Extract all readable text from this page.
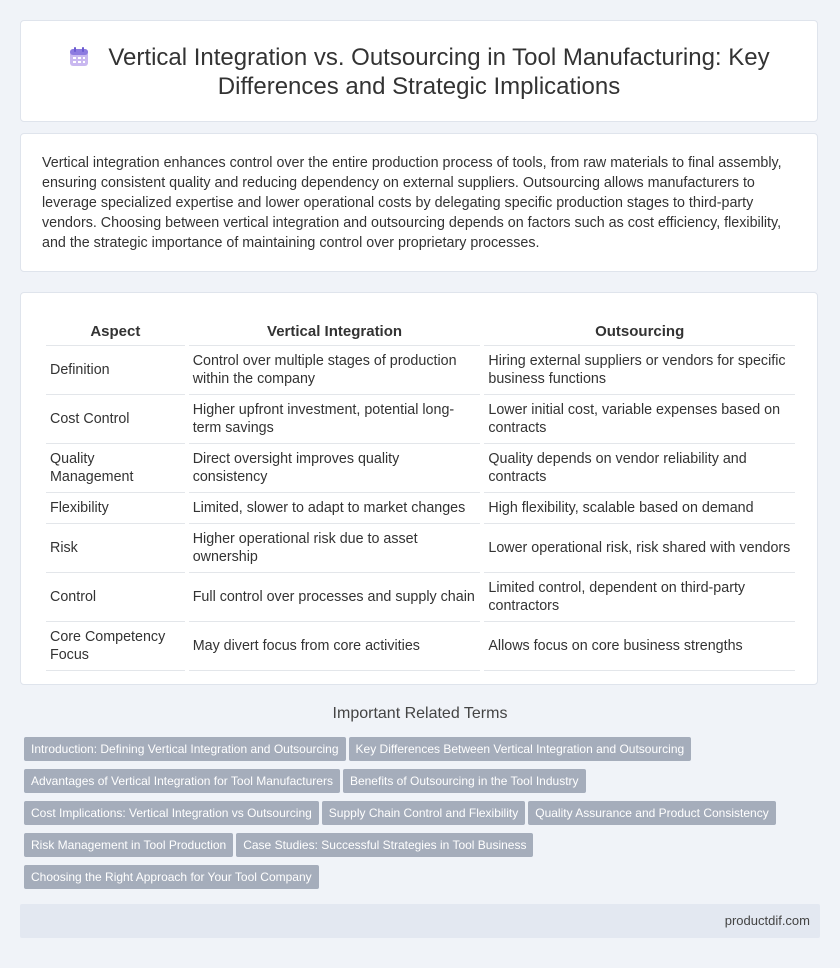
Vertical Integration vs. Outsourcing in Tool Manufacturing: Key
Differences and Strategic Implications

Vertical integration enhances control over the entire production process of tools, from raw materials to final assembly, ensuring consistent quality and reducing dependency on external suppliers. Outsourcing allows manufacturers to leverage specialized expertise and lower operational costs by delegating specific production stages to third-party vendors. Choosing between vertical integration and outsourcing depends on factors such as cost efficiency, flexibility, and the strategic importance of maintaining control over proprietary processes.

Aspect	Vertical Integration	Outsourcing
Definition	Control over multiple stages of production within the company	Hiring external suppliers or vendors for specific business functions
Cost Control	Higher upfront investment, potential long-term savings	Lower initial cost, variable expenses based on contracts
Quality Management	Direct oversight improves quality consistency	Quality depends on vendor reliability and contracts
Flexibility	Limited, slower to adapt to market changes	High flexibility, scalable based on demand
Risk	Higher operational risk due to asset ownership	Lower operational risk, risk shared with vendors
Control	Full control over processes and supply chain	Limited control, dependent on third-party contractors
Core Competency Focus	May divert focus from core activities	Allows focus on core business strengths
Important Related Terms
Introduction: Defining Vertical Integration and Outsourcing Key Differences Between Vertical Integration and Outsourcing
Advantages of Vertical Integration for Tool Manufacturers Benefits of Outsourcing in the Tool Industry
Cost Implications: Vertical Integration vs Outsourcing Supply Chain Control and Flexibility Quality Assurance and Product Consistency
Risk Management in Tool Production Case Studies: Successful Strategies in Tool Business
Choosing the Right Approach for Your Tool Company
productdif.com
